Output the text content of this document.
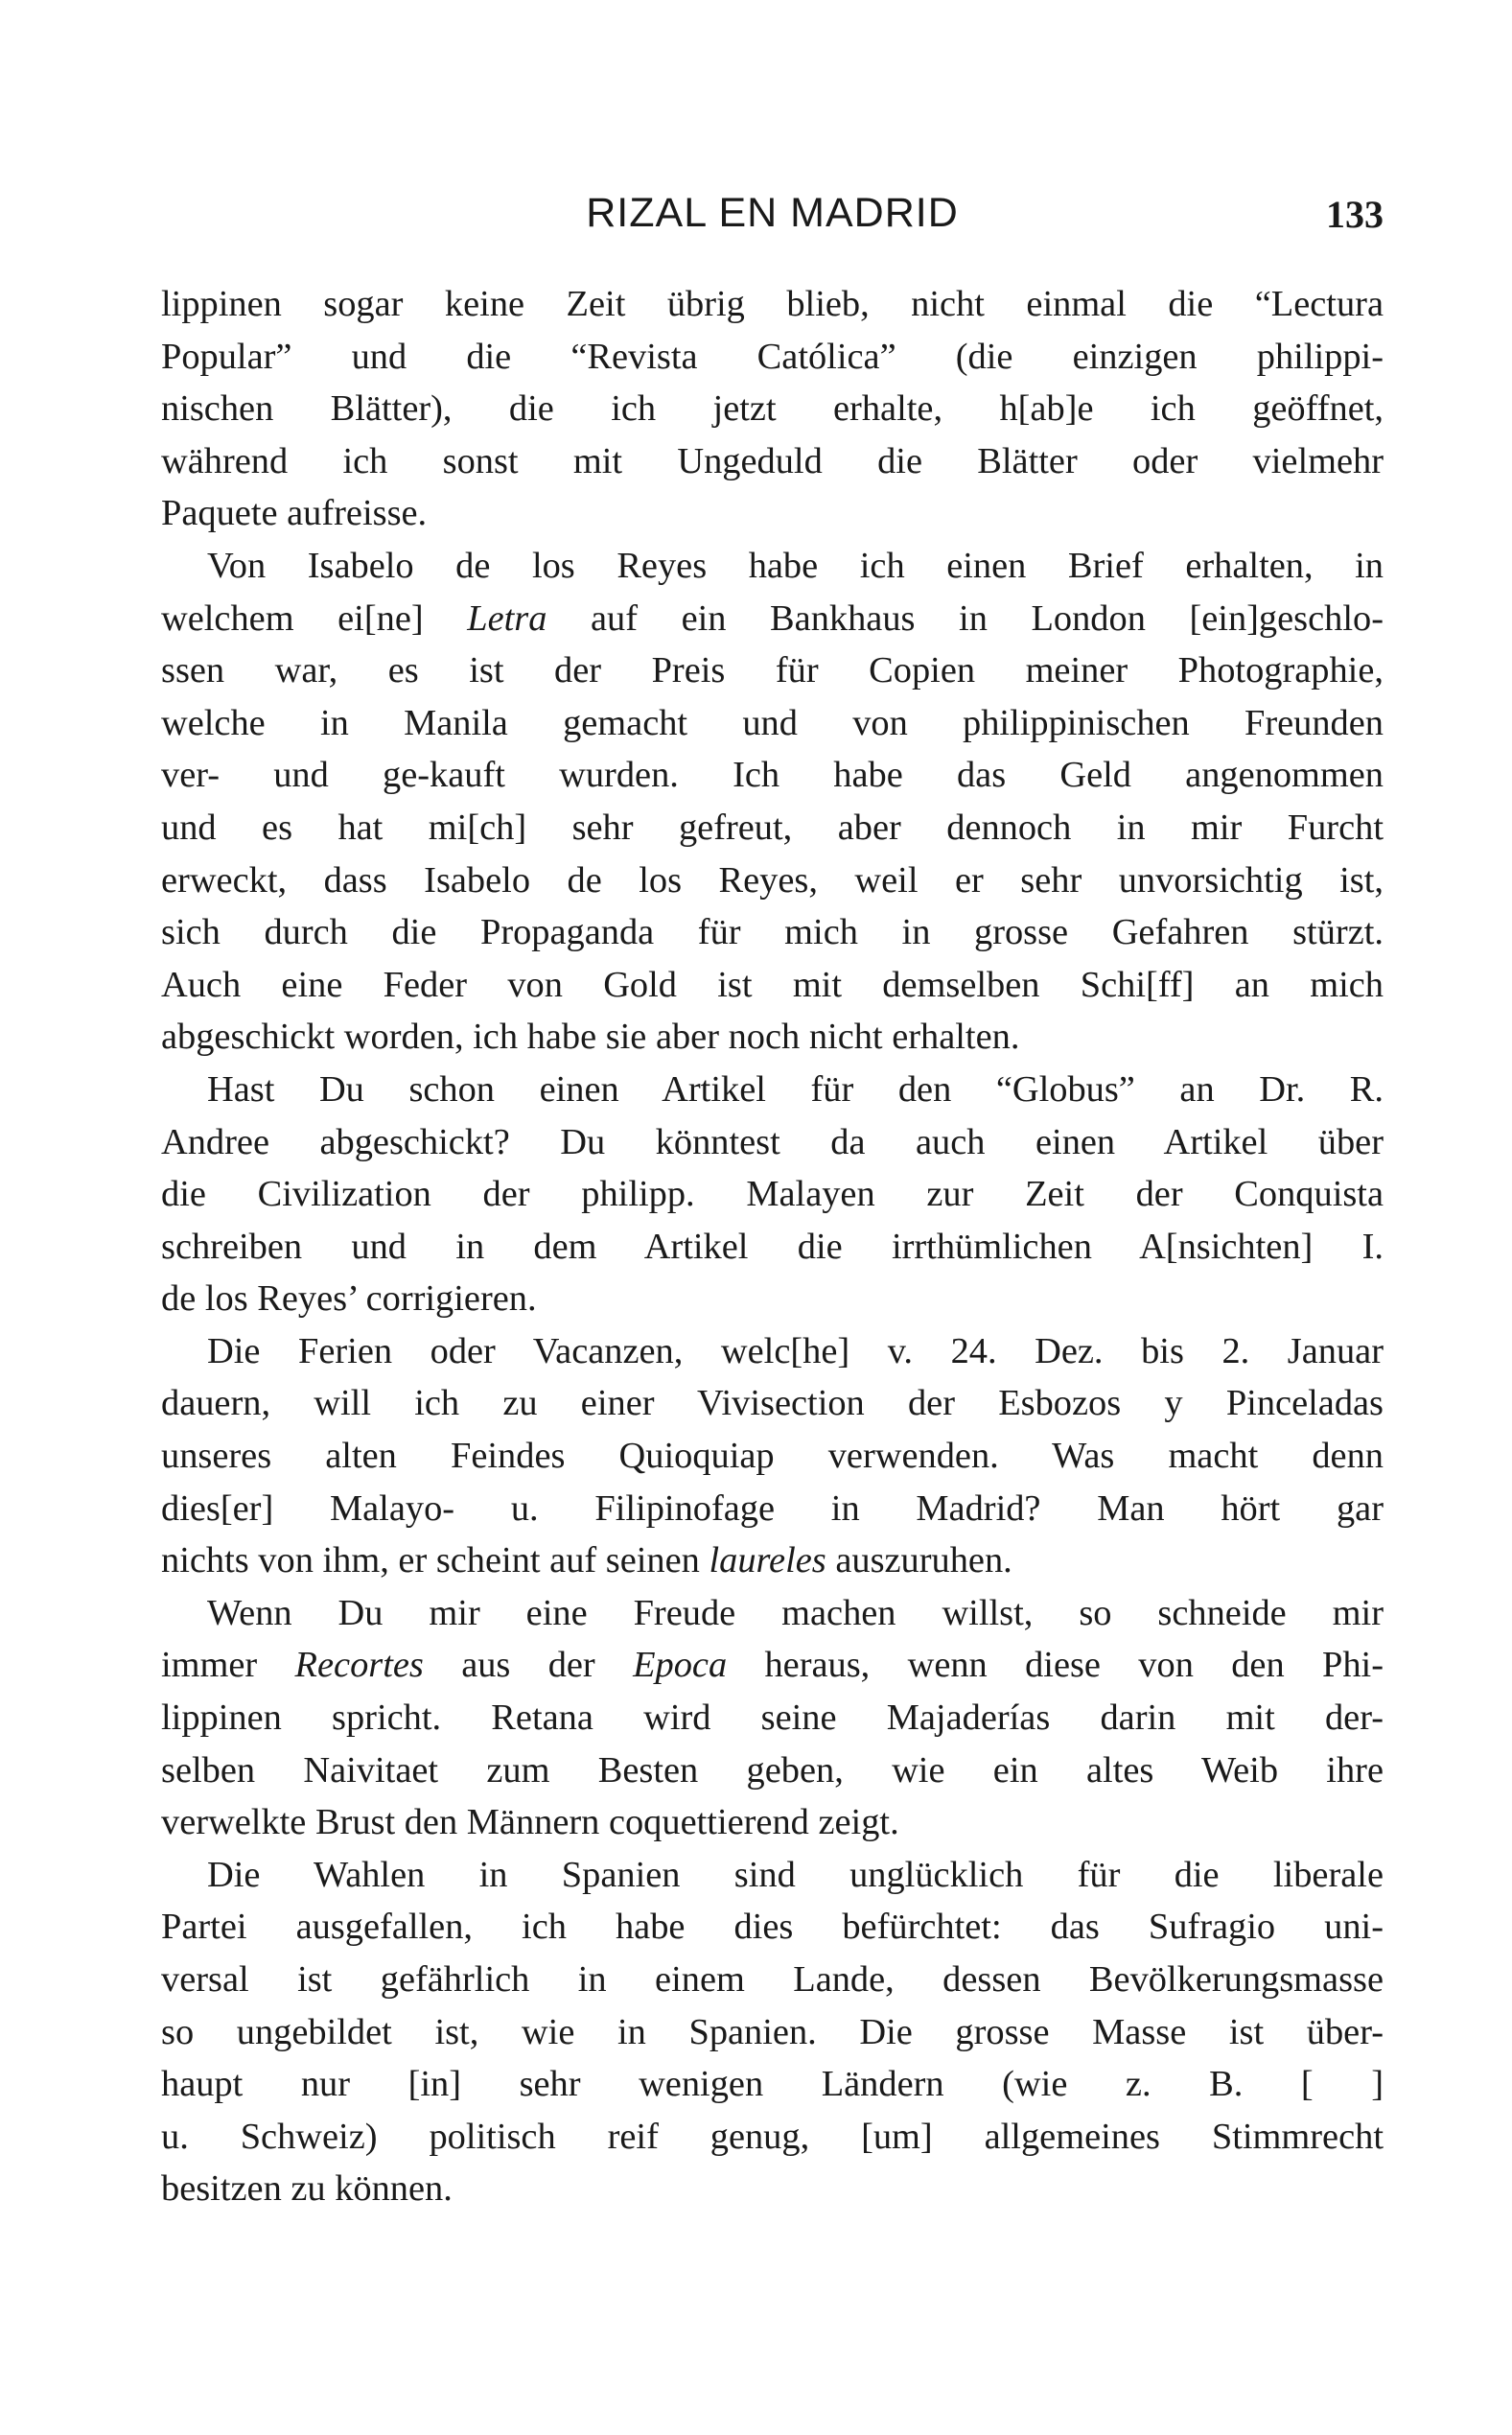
RIZAL EN MADRID	133
lippinen sogar keine Zeit übrig blieb, nicht einmal die “Lectura
Popular” und die “Revista Católica” (die einzigen philippi-
nischen Blätter), die ich jetzt erhalte, h[ab]e ich geöffnet,
während ich sonst mit Ungeduld die Blätter oder vielmehr
Paquete aufreisse.
Von Isabelo de los Reyes habe ich einen Brief erhalten, in
welchem ei[ne] Letra auf ein Bankhaus in London [ein]geschlo-
ssen war, es ist der Preis für Copien meiner Photographie,
welche in Manila gemacht und von philippinischen Freunden
ver- und ge-kauft wurden. Ich habe das Geld angenommen
und es hat mi[ch] sehr gefreut, aber dennoch in mir Furcht
erweckt, dass Isabelo de los Reyes, weil er sehr unvorsichtig ist,
sich durch die Propaganda für mich in grosse Gefahren stürzt.
Auch eine Feder von Gold ist mit demselben Schi[ff] an mich
abgeschickt worden, ich habe sie aber noch nicht erhalten.
Hast Du schon einen Artikel für den “Globus” an Dr. R.
Andree abgeschickt? Du könntest da auch einen Artikel über
die Civilization der philipp. Malayen zur Zeit der Conquista
schreiben und in dem Artikel die irrthümlichen A[nsichten] I.
de los Reyes’ corrigieren.
Die Ferien oder Vacanzen, welc[he] v. 24. Dez. bis 2. Januar
dauern, will ich zu einer Vivisection der Esbozos y Pinceladas
unseres alten Feindes Quioquiap verwenden. Was macht denn
dies[er] Malayo- u. Filipinofage in Madrid? Man hört gar
nichts von ihm, er scheint auf seinen laureles auszuruhen.
Wenn Du mir eine Freude machen willst, so schneide mir
immer Recortes aus der Epoca heraus, wenn diese von den Phi-
lippinen spricht. Retana wird seine Majaderías darin mit der-
selben Naivitaet zum Besten geben, wie ein altes Weib ihre
verwelkte Brust den Männern coquettierend zeigt.
Die Wahlen in Spanien sind unglücklich für die liberale
Partei ausgefallen, ich habe dies befürchtet: das Sufragio uni-
versal ist gefährlich in einem Lande, dessen Bevölkerungsmasse
so ungebildet ist, wie in Spanien. Die grosse Masse ist über-
haupt nur [in] sehr wenigen Ländern (wie z. B. [ ]
u. Schweiz) politisch reif genug, [um] allgemeines Stimmrecht
besitzen zu können.
